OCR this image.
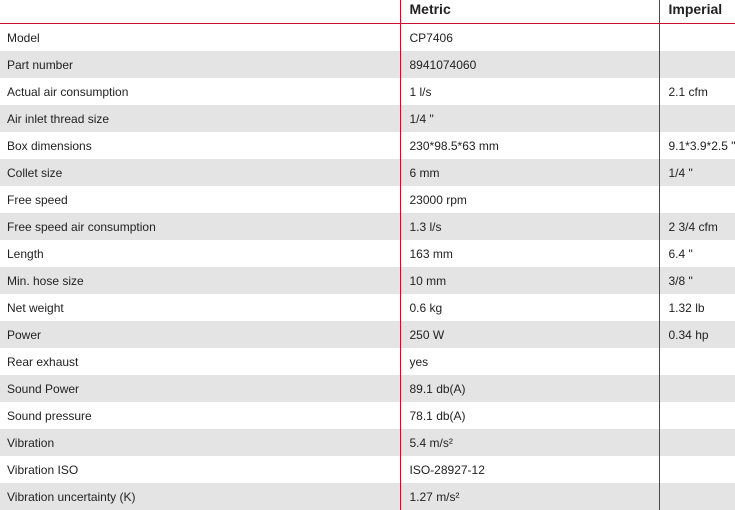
	Metric	Imperial
Model	CP7406	
Part number	8941074060	
Actual air consumption	1 l/s	2.1 cfm
Air inlet thread size	1/4 "	
Box dimensions	230*98.5*63 mm	9.1*3.9*2.5 "
Collet size	6 mm	1/4 "
Free speed	23000 rpm	
Free speed air consumption	1.3 l/s	2 3/4 cfm
Length	163 mm	6.4 "
Min. hose size	10 mm	3/8 "
Net weight	0.6 kg	1.32 lb
Power	250 W	0.34 hp
Rear exhaust	yes	
Sound Power	89.1 db(A)	
Sound pressure	78.1 db(A)	
Vibration	5.4 m/s²	
Vibration ISO	ISO-28927-12	
Vibration uncertainty (K)	1.27 m/s²	
